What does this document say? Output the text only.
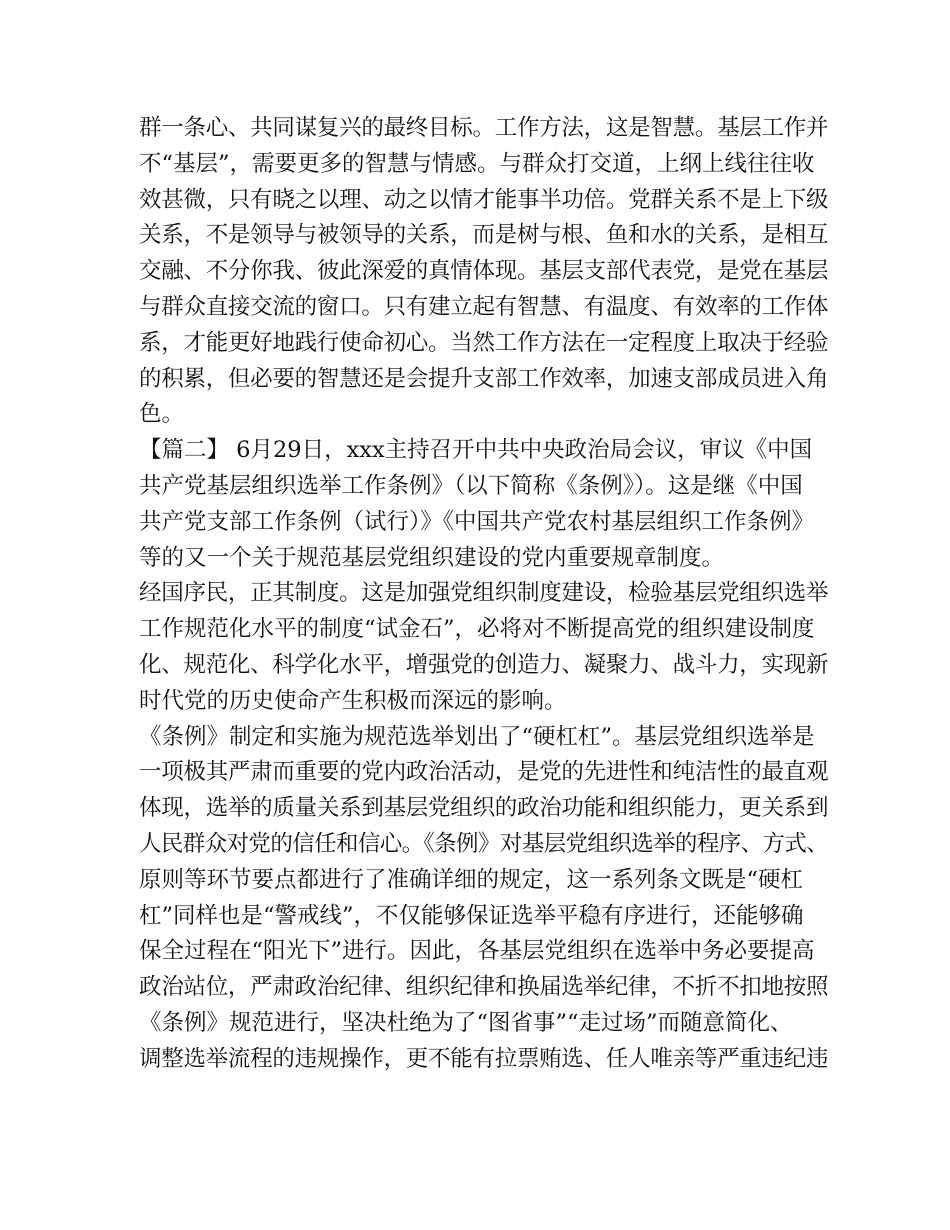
群一条心、共同谋复兴的最终目标。工作方法，这是智慧。基层工作并
不“基层”，需要更多的智慧与情感。与群众打交道，上纲上线往往收
效甚微，只有晓之以理、动之以情才能事半功倍。党群关系不是上下级
关系，不是领导与被领导的关系，而是树与根、鱼和水的关系，是相互
交融、不分你我、彼此深爱的真情体现。基层支部代表党，是党在基层
与群众直接交流的窗口。只有建立起有智慧、有温度、有效率的工作体
系，才能更好地践行使命初心。当然工作方法在一定程度上取决于经验
的积累，但必要的智慧还是会提升支部工作效率，加速支部成员进入角
色。
【篇二】 6月29日，xxx主持召开中共中央政治局会议，审议《中国
共产党基层组织选举工作条例》（以下简称《条例》）。这是继《中国
共产党支部工作条例（试行）》《中国共产党农村基层组织工作条例》
等的又一个关于规范基层党组织建设的党内重要规章制度。
经国序民，正其制度。这是加强党组织制度建设，检验基层党组织选举
工作规范化水平的制度“试金石”，必将对不断提高党的组织建设制度
化、规范化、科学化水平，增强党的创造力、凝聚力、战斗力，实现新
时代党的历史使命产生积极而深远的影响。
《条例》制定和实施为规范选举划出了“硬杠杠”。基层党组织选举是
一项极其严肃而重要的党内政治活动，是党的先进性和纯洁性的最直观
体现，选举的质量关系到基层党组织的政治功能和组织能力，更关系到
人民群众对党的信任和信心。《条例》对基层党组织选举的程序、方式、
原则等环节要点都进行了准确详细的规定，这一系列条文既是“硬杠
杠”同样也是“警戒线”，不仅能够保证选举平稳有序进行，还能够确
保全过程在“阳光下”进行。因此，各基层党组织在选举中务必要提高
政治站位，严肃政治纪律、组织纪律和换届选举纪律，不折不扣地按照
《条例》规范进行，坚决杜绝为了“图省事”“走过场”而随意简化、
调整选举流程的违规操作，更不能有拉票贿选、任人唯亲等严重违纪违
